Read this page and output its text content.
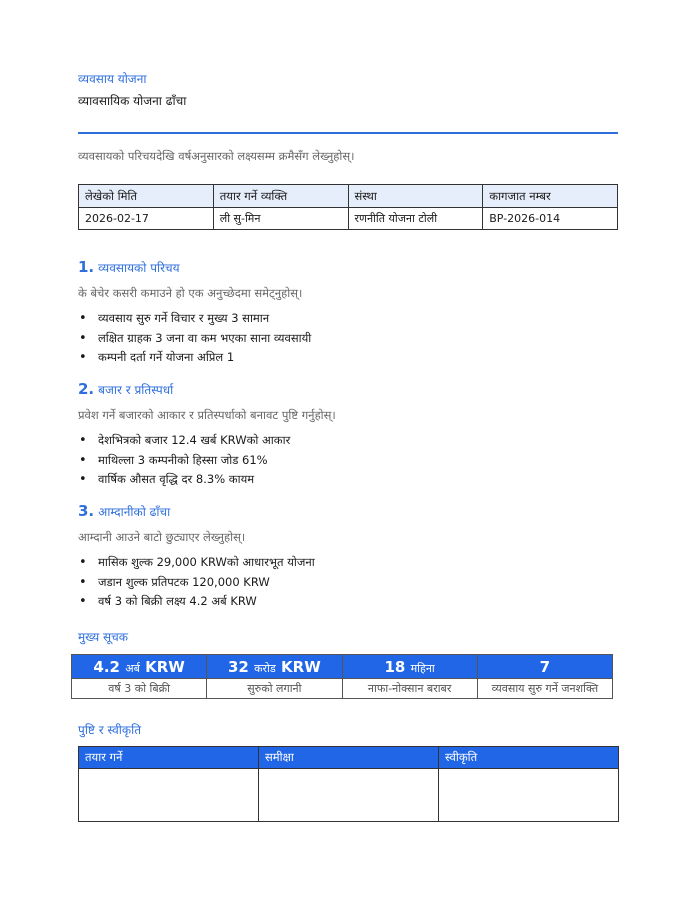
व्यवसाय योजना
व्यावसायिक योजना ढाँचा
व्यवसायको परिचयदेखि वर्षअनुसारको लक्ष्यसम्म क्रमैसँग लेख्नुहोस्।
लेखेको मिति	तयार गर्ने व्यक्ति	संस्था	कागजात नम्बर
2026-02-17	ली सु-मिन	रणनीति योजना टोली	BP-2026-014
1. व्यवसायको परिचय
के बेचेर कसरी कमाउने हो एक अनुच्छेदमा समेट्नुहोस्।
• व्यवसाय सुरु गर्ने विचार र मुख्य 3 सामान
• लक्षित ग्राहक 3 जना वा कम भएका साना व्यवसायी
• कम्पनी दर्ता गर्ने योजना अप्रिल 1
2. बजार र प्रतिस्पर्धा
प्रवेश गर्ने बजारको आकार र प्रतिस्पर्धाको बनावट पुष्टि गर्नुहोस्।
• देशभित्रको बजार 12.4 खर्ब KRWको आकार
• माथिल्ला 3 कम्पनीको हिस्सा जोड 61%
• वार्षिक औसत वृद्धि दर 8.3% कायम
3. आम्दानीको ढाँचा
आम्दानी आउने बाटो छुट्याएर लेख्नुहोस्।
• मासिक शुल्क 29,000 KRWको आधारभूत योजना
• जडान शुल्क प्रतिपटक 120,000 KRW
• वर्ष 3 को बिक्री लक्ष्य 4.2 अर्ब KRW
मुख्य सूचक
4.2 अर्ब KRW	32 करोड KRW	18 महिना	7
वर्ष 3 को बिक्री	सुरुको लगानी	नाफा-नोक्सान बराबर	व्यवसाय सुरु गर्ने जनशक्ति
पुष्टि र स्वीकृति
तयार गर्ने	समीक्षा	स्वीकृति
